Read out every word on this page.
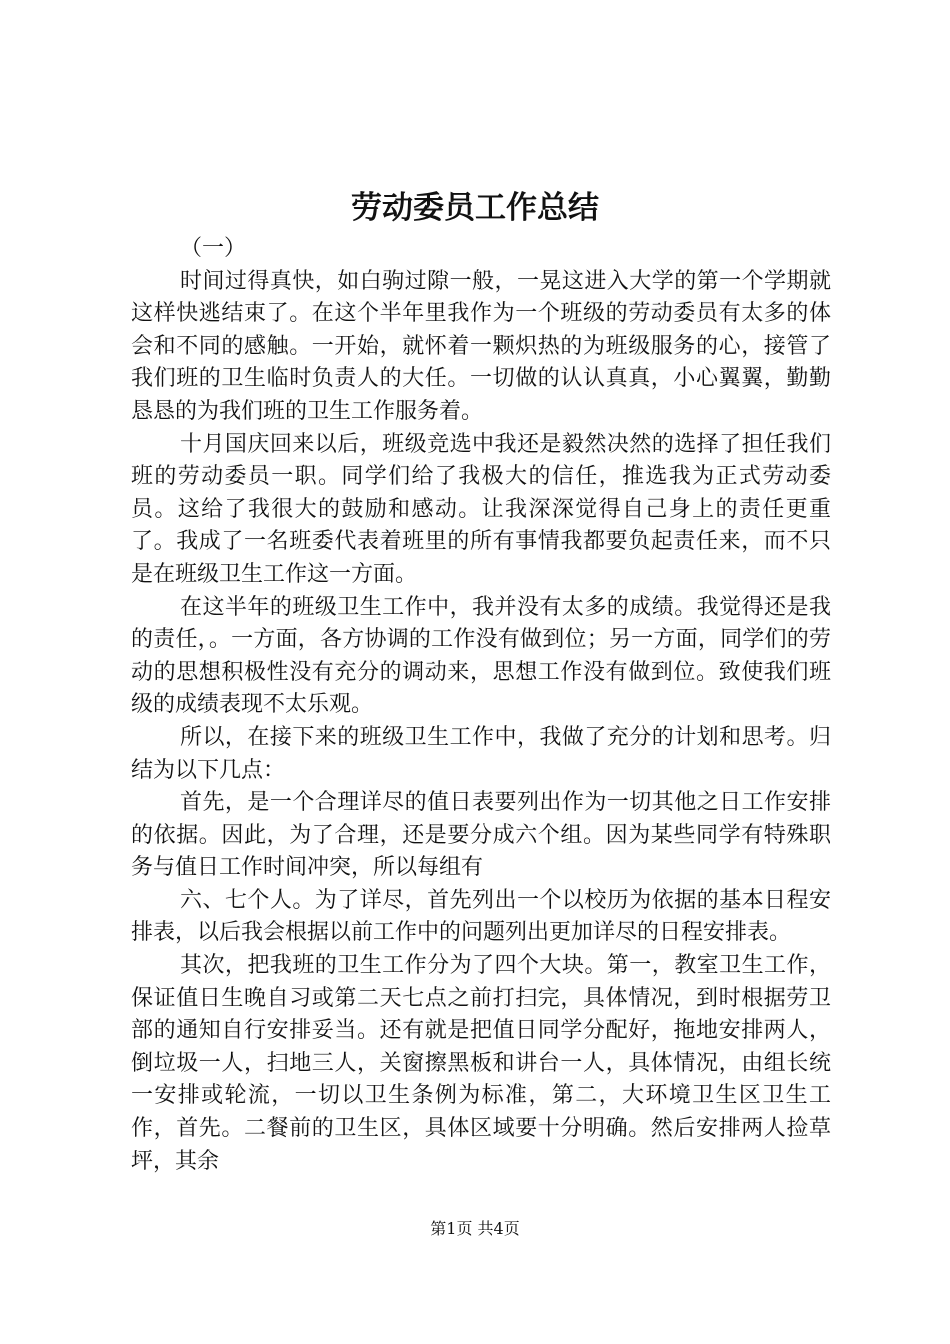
劳动委员工作总结

（一）

时间过得真快，如白驹过隙一般，一晃这进入大学的第一个学期就这样快逃结束了。在这个半年里我作为一个班级的劳动委员有太多的体会和不同的感触。一开始，就怀着一颗炽热的为班级服务的心，接管了我们班的卫生临时负责人的大任。一切做的认认真真，小心翼翼，勤勤恳恳的为我们班的卫生工作服务着。

十月国庆回来以后，班级竞选中我还是毅然决然的选择了担任我们班的劳动委员一职。同学们给了我极大的信任，推选我为正式劳动委员。这给了我很大的鼓励和感动。让我深深觉得自己身上的责任更重了。我成了一名班委代表着班里的所有事情我都要负起责任来，而不只是在班级卫生工作这一方面。

在这半年的班级卫生工作中，我并没有太多的成绩。我觉得还是我的责任，。一方面，各方协调的工作没有做到位；另一方面，同学们的劳动的思想积极性没有充分的调动来，思想工作没有做到位。致使我们班级的成绩表现不太乐观。

所以，在接下来的班级卫生工作中，我做了充分的计划和思考。归结为以下几点：

首先，是一个合理详尽的值日表要列出作为一切其他之日工作安排的依据。因此，为了合理，还是要分成六个组。因为某些同学有特殊职务与值日工作时间冲突，所以每组有

六、七个人。为了详尽，首先列出一个以校历为依据的基本日程安排表，以后我会根据以前工作中的问题列出更加详尽的日程安排表。

其次，把我班的卫生工作分为了四个大块。第一，教室卫生工作，保证值日生晚自习或第二天七点之前打扫完，具体情况，到时根据劳卫部的通知自行安排妥当。还有就是把值日同学分配好，拖地安排两人，倒垃圾一人，扫地三人，关窗擦黑板和讲台一人，具体情况，由组长统一安排或轮流，一切以卫生条例为标准，第二，大环境卫生区卫生工作，首先。二餐前的卫生区，具体区域要十分明确。然后安排两人捡草坪，其余

第1页 共4页
